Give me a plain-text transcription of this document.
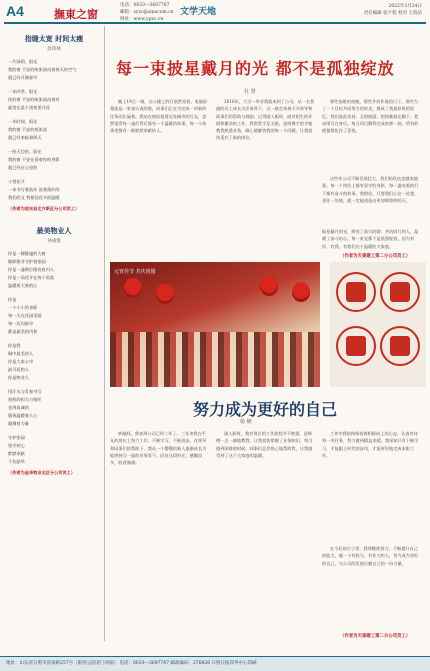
A4	撫東之窗
电话：0633—3697787
邮箱：syxc@sinacom.cn
网址：www.ypxc.cn
文学天地	2022年3月24日
责任编辑 张宇程 校对 王海洁
指缝太宽 时间太瘦
彭伟林
一片绿荫、阳光
我的窗 不安的纸张流动着春天的空气
就已经开满春节
一年四季、阳光
你的窗 不安的纸张流动着对
就里在某个黑夜里开花
一年时间、阳光
我的窗 不安的纸张流
就已经来临着明天
一座天边的、阳光
我的窗 不安在看着你的身影
就已经在心里的
小巷花开
一本书写着流年 说着落叶的
我们的文 我相信花开的温暖
（作者为滨东县北方新区分公司员工）
最美物业人
孙成淮
你是一棵静谧的大树
敬职敬业守护着家园
你是一盏明灯照亮夜归人
你是一朵花开在每个角落
温暖着大家的心
你是
一个小小的身影
每一天在花园里面
每一次问候中
都是最美的风景
你是我
眼中最美的人
你是大家心中
最可爱的人
你是物业人
用汗水与青春书写
别样的担当与情怀
也用真诚的
服务温暖着人心
凝聚着力量
守护家园
坚守初心
默默奉献
不负韶华
（作者为金华物业北区分公司员工）
每一束披星戴月的光 都不是孤独绽放
杜 慧
晚上19点一刻，办公楼上的灯依然亮着，电脑屏幕前是一张张认真的脸，同事们正在为完成一项新的任务而忙碌着。我站在窗前望着远处城市的灯光，忽然觉得每一盏灯背后都有一个温暖的故事，每一个故事里都有一群默默奉献的人。
2016年，大学一毕业我就来到了公司，从一名普通的员工成长为业务骨干，这一路走来离不开领导和同事们的帮助与鼓励。记得刚入职时，面对陌生的环境和繁杂的工作，我常常手足无措，是师傅手把手地教我熟悉业务，耐心地解答我的每一个问题，让我很快适应了新的岗位。
那些加班的夜晚，那些并肩作战的日子，那些为了一个目标共同努力的时光，都成了我最珍贵的回忆。我们彼此扶持，互相鼓励，把困难踩在脚下，把成绩写在身后。每当项目顺利完成的那一刻，所有的疲惫都化作了喜悦。
这些年公司不断发展壮大，我们的队伍也越来越强。每一个岗位上都有坚守的身影，每一盏亮着的灯下都有奋斗的故事。我相信，只要我们心往一处想，劲往一处使，就一定能创造出更加辉煌的明天。
披星戴月的光，照亮了前行的路；并肩同行的人，温暖了奋斗的心。每一束光都不是孤独绽放，因为有你、有我、有我们这个温暖的大家庭。
（作者为天泰建工第二分公司员工）
元宵佳节 共庆团圆
努力成为更好的自己
杨 楠
转眼间，我来到公司已经三年了。三年来我在平凡的岗位上努力工作，不断学习，不断进步，在领导和同事们的帮助下，我从一个懵懂的新人逐渐成长为能够独当一面的业务骨干。回首这段时光，感慨良多，收获满满。
刚入职时，我对岗位的工作流程并不熟悉，是师傅一点一滴地教我，让我很快掌握了业务知识。每当遇到困难的时候，同事们总会热心地帮助我，让我感受到了这个大家庭的温暖。
工作中我始终保持着积极向上的心态，认真对待每一项任务，努力做到精益求精。我深知只有不断学习，才能跟上时代的步伐，才能更好地完成本职工作。
在今后的日子里，我将继续努力，不断提升自己的能力，做一个有担当、有作为的人，努力成为更好的自己，为公司的发展贡献自己的一份力量。
（作者为天泰建工第二分公司员工）
地址：山东省日照市济南路257号（银河公园北门对面） 电话：0633—3697787 邮政编码：276826 日照日报印务中心印刷
